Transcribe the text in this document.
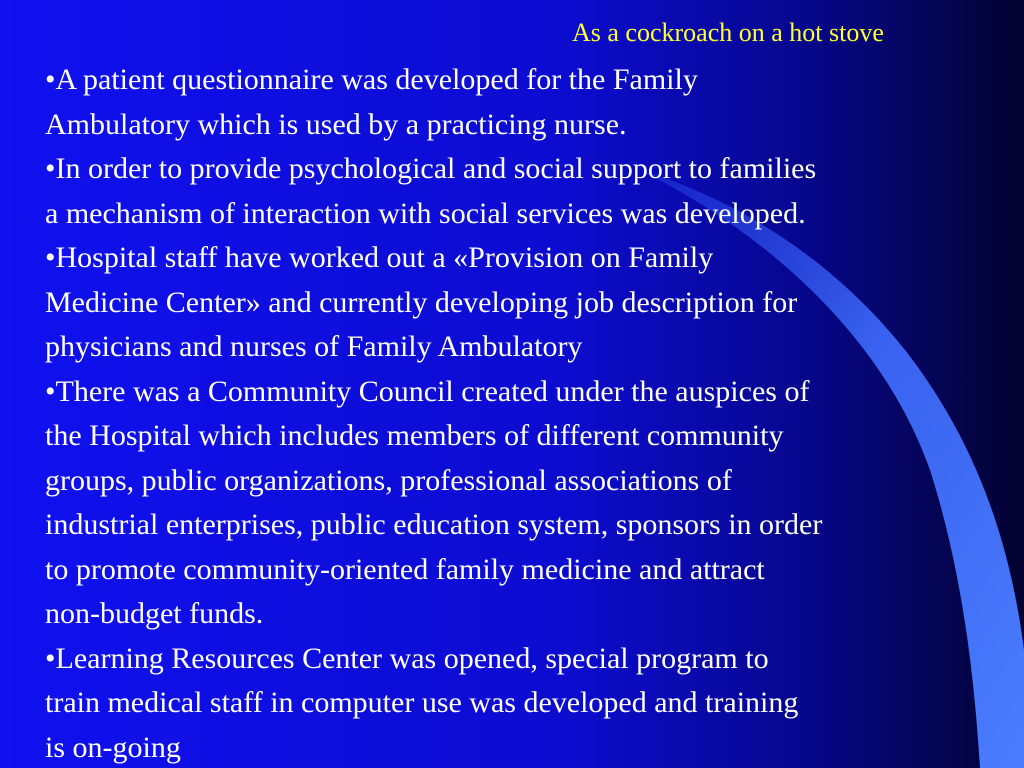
As a cockroach on a hot stove

•A patient questionnaire was developed for the Family
Ambulatory which is used by a practicing nurse.

•In order to provide psychological and social support to families
a mechanism of interaction with social services was developed.

•Hospital staff have worked out a «Provision on Family
Medicine Center» and currently developing job description for
physicians and nurses of Family Ambulatory

•There was a Community Council created under the auspices of
the Hospital which includes members of different community
groups, public organizations, professional associations of
industrial enterprises, public education system, sponsors in order
to promote community-oriented family medicine and attract
non-budget funds.

•Learning Resources Center was opened, special program to
train medical staff in computer use was developed and training
is on-going
